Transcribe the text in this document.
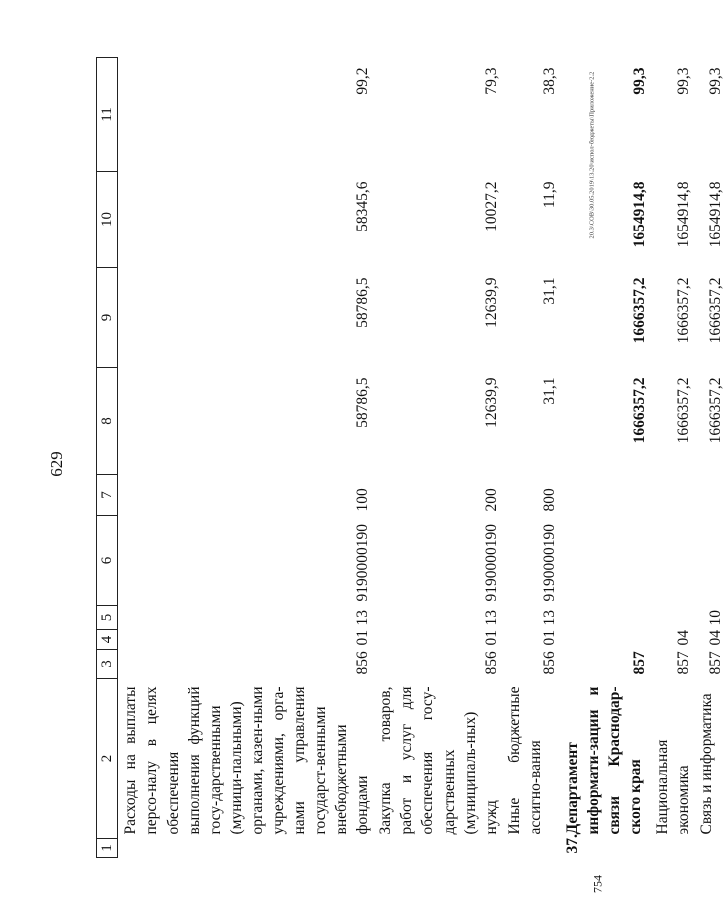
629
20.3\СОВ\30.05.2019\13.20\испол-бюджеты\Приложение-2.2
754
1	2	3	4	5	6	7	8	9	10	11
	Расходы на выплаты персо-налу в целях обеспечения выполнения функций госу-дарственными (муници-пальными) органами, казен-ными учреждениями, орга-нами управления государст-венными внебюджетными фондами	856	01	13	9190000190	100	58786,5	58786,5	58345,6	99,2
	Закупка товаров, работ и услуг для обеспечения госу-дарственных (муниципаль-ных) нужд	856	01	13	9190000190	200	12639,9	12639,9	10027,2	79,3
	Иные бюджетные ассигно-вания	856	01	13	9190000190	800	31,1	31,1	11,9	38,3
37.	Департамент информати-зации и связи Краснодар-ского края	857					1666357,2	1666357,2	1654914,8	99,3
	Национальная экономика	857	04				1666357,2	1666357,2	1654914,8	99,3
	Связь и информатика	857	04	10			1666357,2	1666357,2	1654914,8	99,3
